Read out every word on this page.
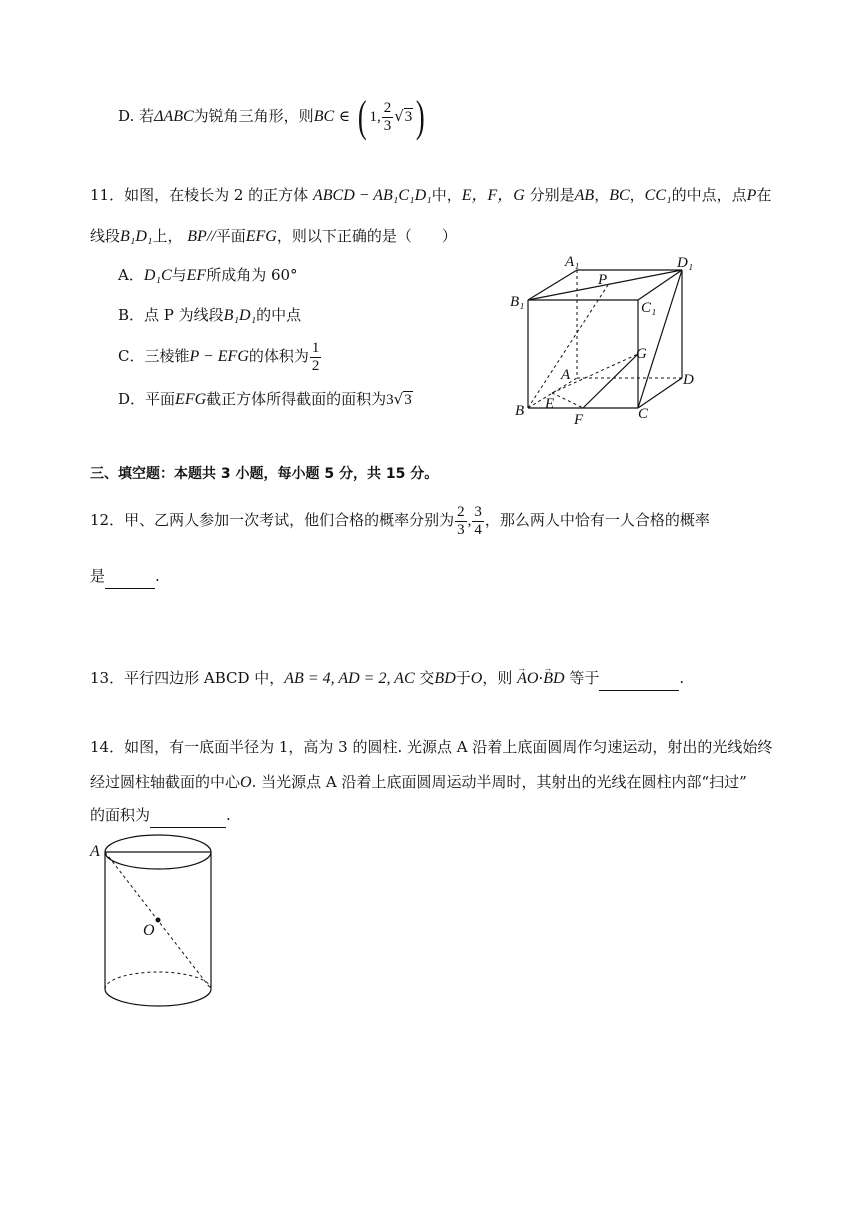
D. 若ΔABC为锐角三角形，则BC ∈ ( 1, $\frac{2}{3} √3$)
11．如图，在棱长为 2 的正方体 ABCD − AB₁C₁D₁中，E，F，G 分别是AB，BC，CC₁的中点，点P在
线段B₁D₁上， BP//平面EFG，则以下正确的是（　　）
A．D₁C与EF所成角为 60°
B．点 P 为线段B₁D₁的中点
C．三棱锥P − EFG的体积为 $\frac{1}{2}$
D．平面EFG截正方体所得截面的面积为3√3
A₁
P
D₁
B₁	C₁
G
A	D
B E
F	C
三、填空题：本题共 3 小题，每小题 5 分，共 15 分。
12．甲、乙两人参加一次考试，他们合格的概率分别为 $\frac{2}{3}$ , $\frac{3}{4}$ ，那么两人中恰有一人合格的概率
是	.
13．平行四边形 ABCD 中，AB = 4, AD = 2, AC 交BD于O，则 → AO·→ BD 等于	.
14．如图，有一底面半径为 1，高为 3 的圆柱. 光源点 A 沿着上底面圆周作匀速运动，射出的光线始终
经过圆柱轴截面的中心O. 当光源点 A 沿着上底面圆周运动半周时，其射出的光线在圆柱内部“扫过”
的面积为	.
A
O
